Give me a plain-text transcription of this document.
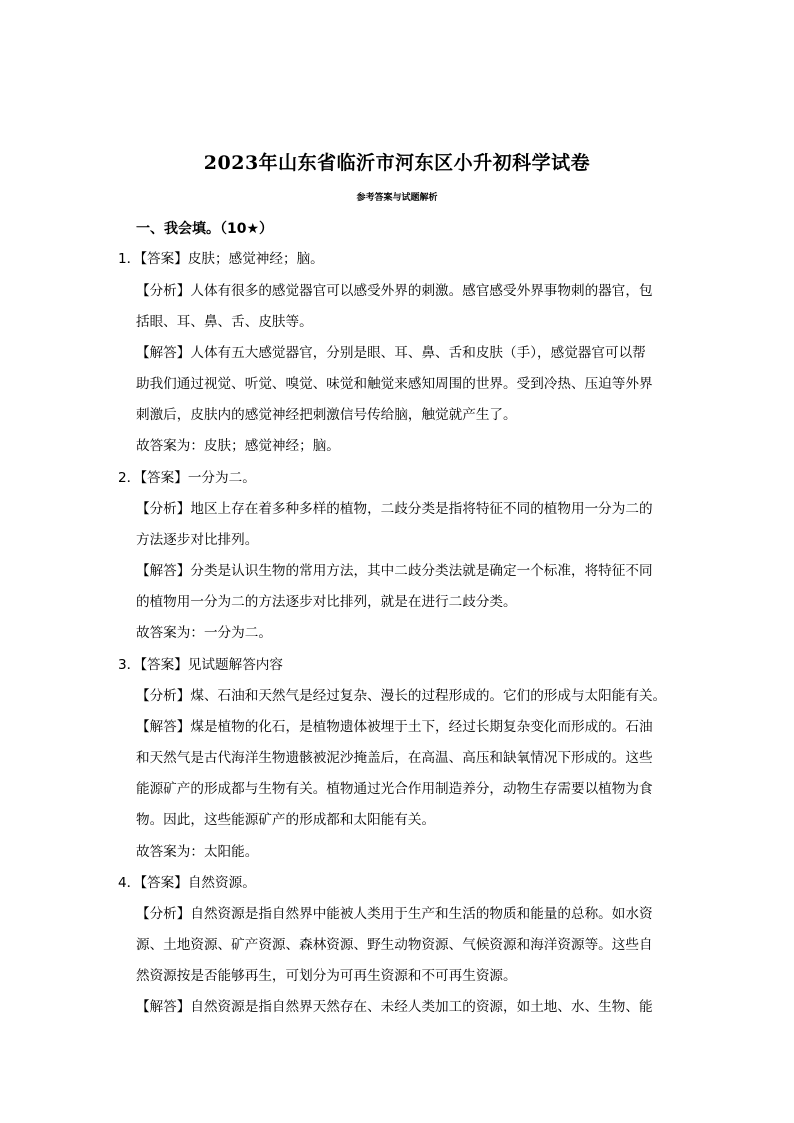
2023年山东省临沂市河东区小升初科学试卷
参考答案与试题解析
一、我会填。（10★）
1．【答案】皮肤；感觉神经；脑。
【分析】人体有很多的感觉器官可以感受外界的刺激。感官感受外界事物刺的器官，包
括眼、耳、鼻、舌、皮肤等。
【解答】人体有五大感觉器官，分别是眼、耳、鼻、舌和皮肤（手），感觉器官可以帮
助我们通过视觉、听觉、嗅觉、味觉和触觉来感知周围的世界。受到冷热、压迫等外界
刺激后，皮肤内的感觉神经把刺激信号传给脑，触觉就产生了。
故答案为：皮肤；感觉神经；脑。
2．【答案】一分为二。
【分析】地区上存在着多种多样的植物，二歧分类是指将特征不同的植物用一分为二的
方法逐步对比排列。
【解答】分类是认识生物的常用方法，其中二歧分类法就是确定一个标准，将特征不同
的植物用一分为二的方法逐步对比排列，就是在进行二歧分类。
故答案为：一分为二。
3．【答案】见试题解答内容
【分析】煤、石油和天然气是经过复杂、漫长的过程形成的。它们的形成与太阳能有关。
【解答】煤是植物的化石，是植物遗体被埋于土下，经过长期复杂变化而形成的。石油
和天然气是古代海洋生物遗骸被泥沙掩盖后，在高温、高压和缺氧情况下形成的。这些
能源矿产的形成都与生物有关。植物通过光合作用制造养分，动物生存需要以植物为食
物。因此，这些能源矿产的形成都和太阳能有关。
故答案为：太阳能。
4．【答案】自然资源。
【分析】自然资源是指自然界中能被人类用于生产和生活的物质和能量的总称。如水资
源、土地资源、矿产资源、森林资源、野生动物资源、气候资源和海洋资源等。这些自
然资源按是否能够再生，可划分为可再生资源和不可再生资源。
【解答】自然资源是指自然界天然存在、未经人类加工的资源，如土地、水、生物、能
